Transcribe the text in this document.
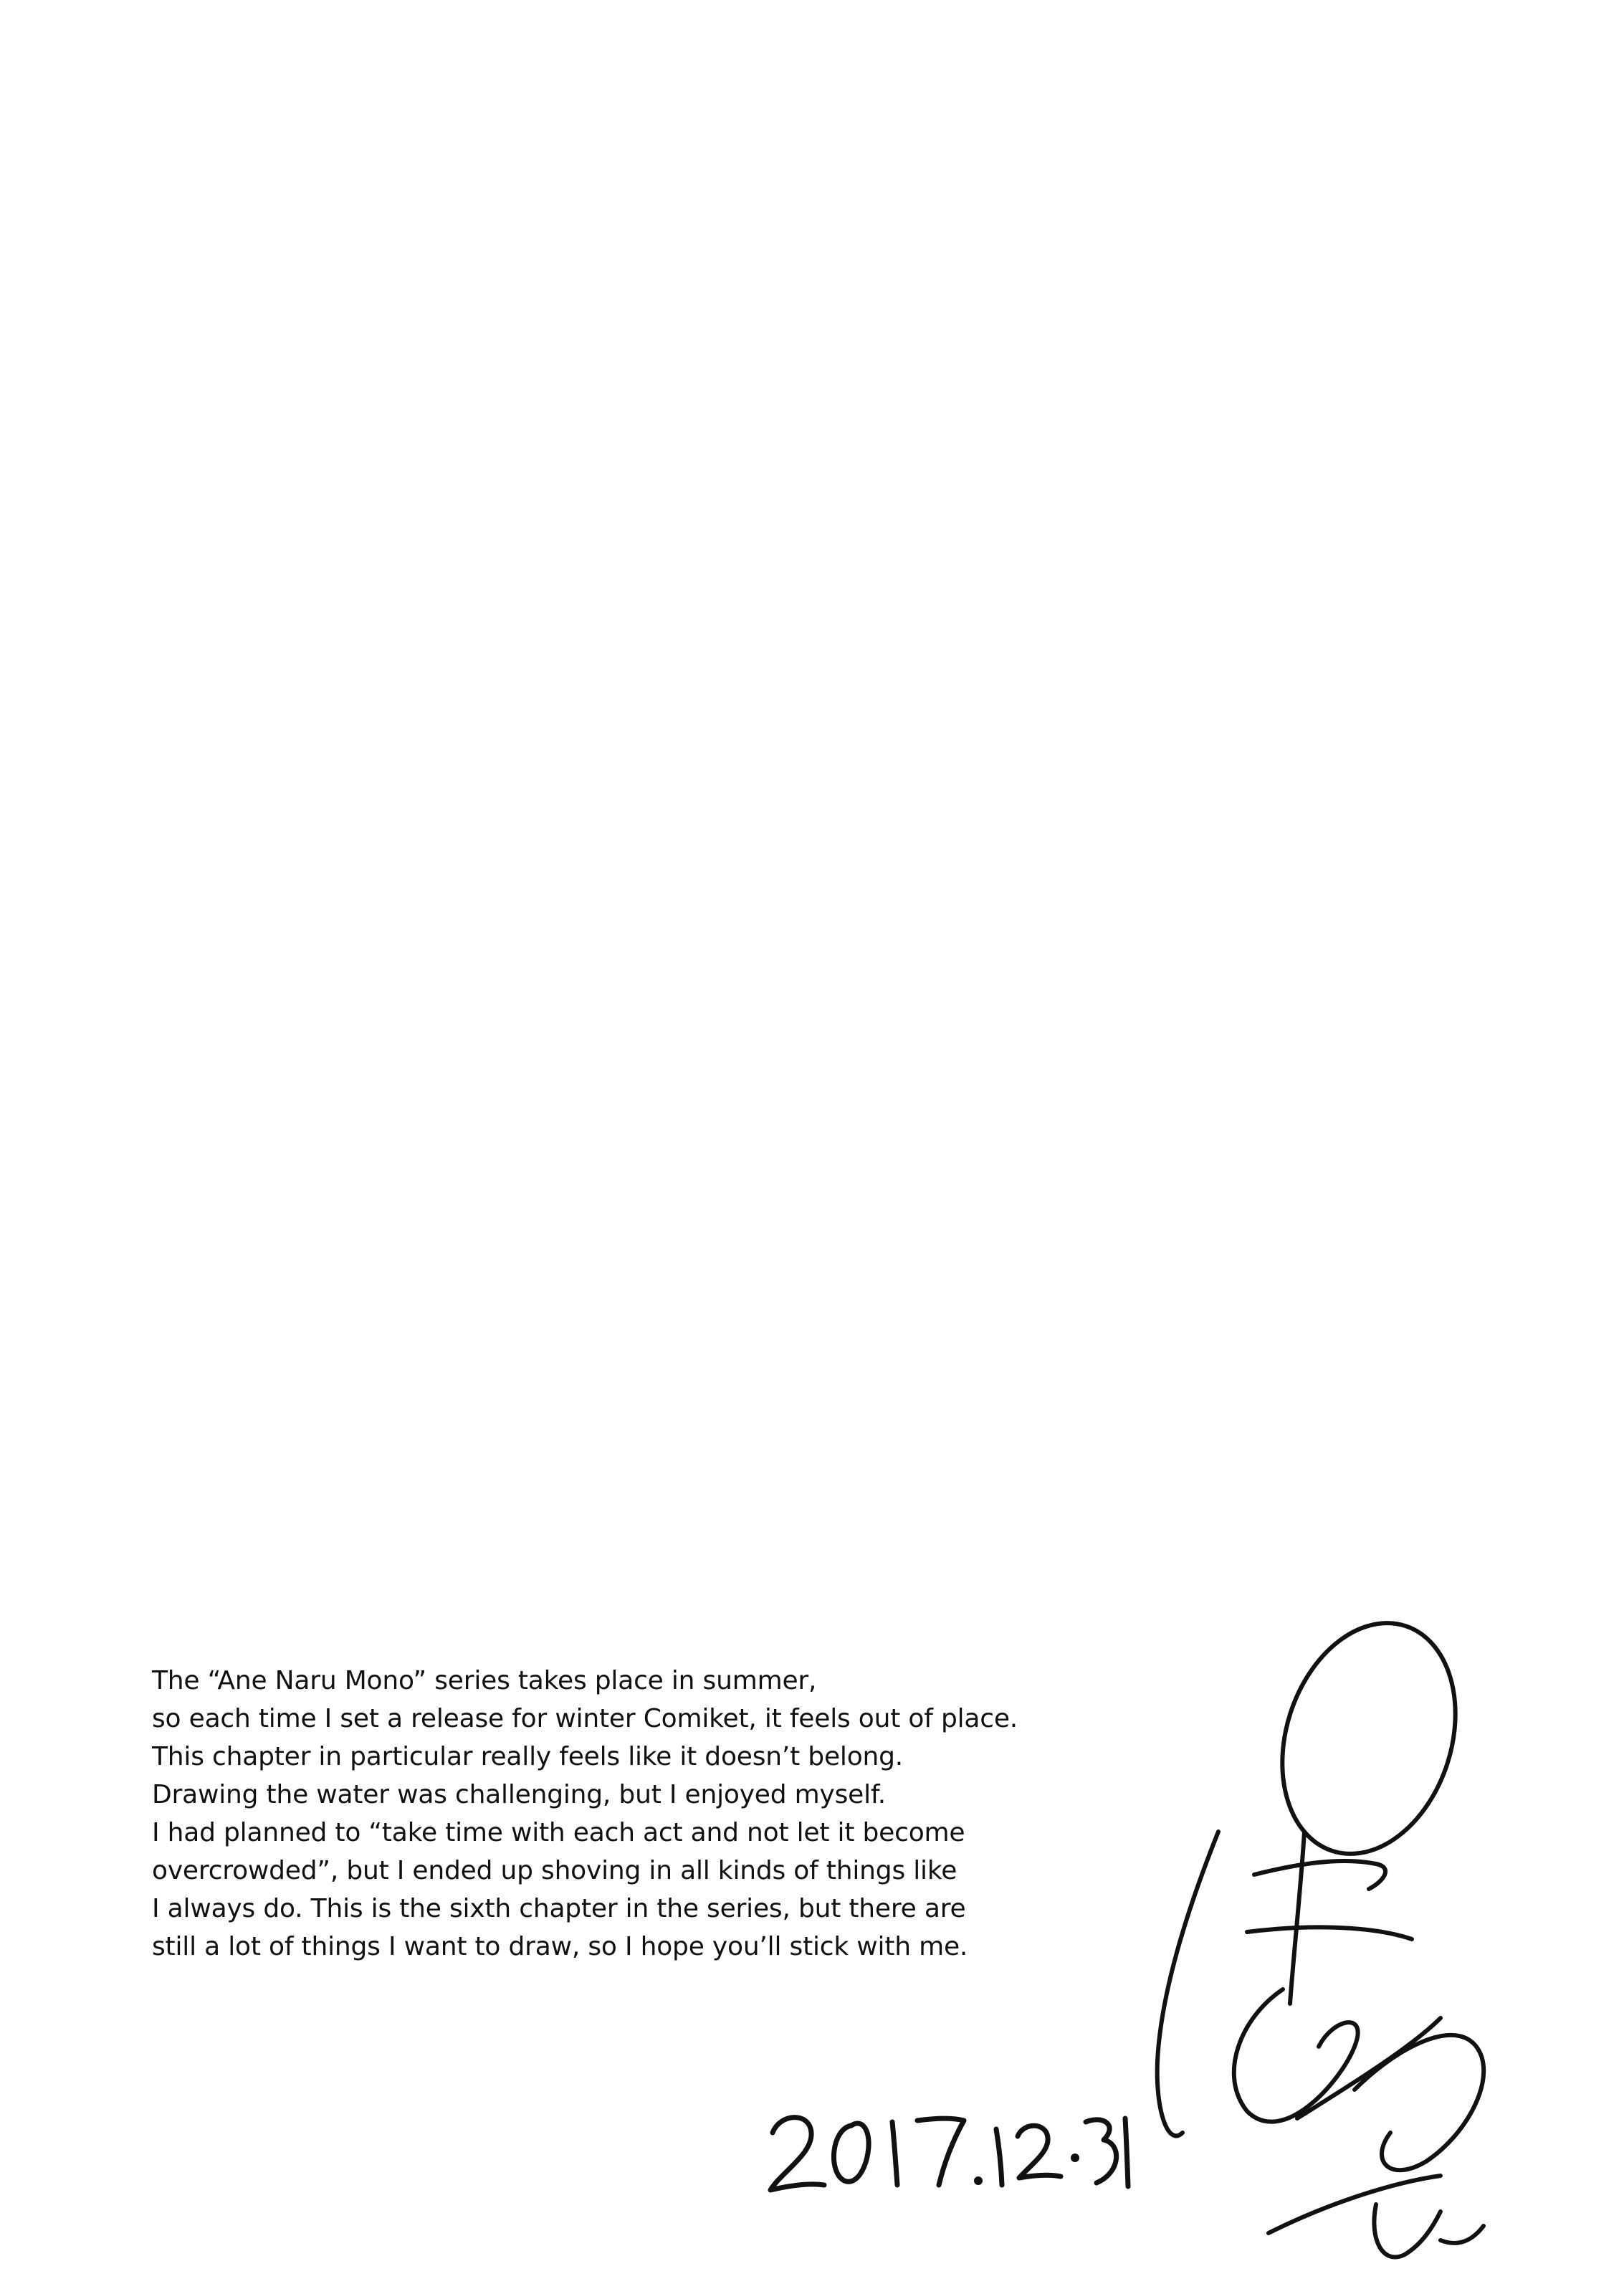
The “Ane Naru Mono” series takes place in summer,
so each time I set a release for winter Comiket, it feels out of place.
This chapter in particular really feels like it doesn’t belong.
Drawing the water was challenging, but I enjoyed myself.
I had planned to “take time with each act and not let it become
overcrowded”, but I ended up shoving in all kinds of things like
I always do. This is the sixth chapter in the series, but there are
still a lot of things I want to draw, so I hope you’ll stick with me.
